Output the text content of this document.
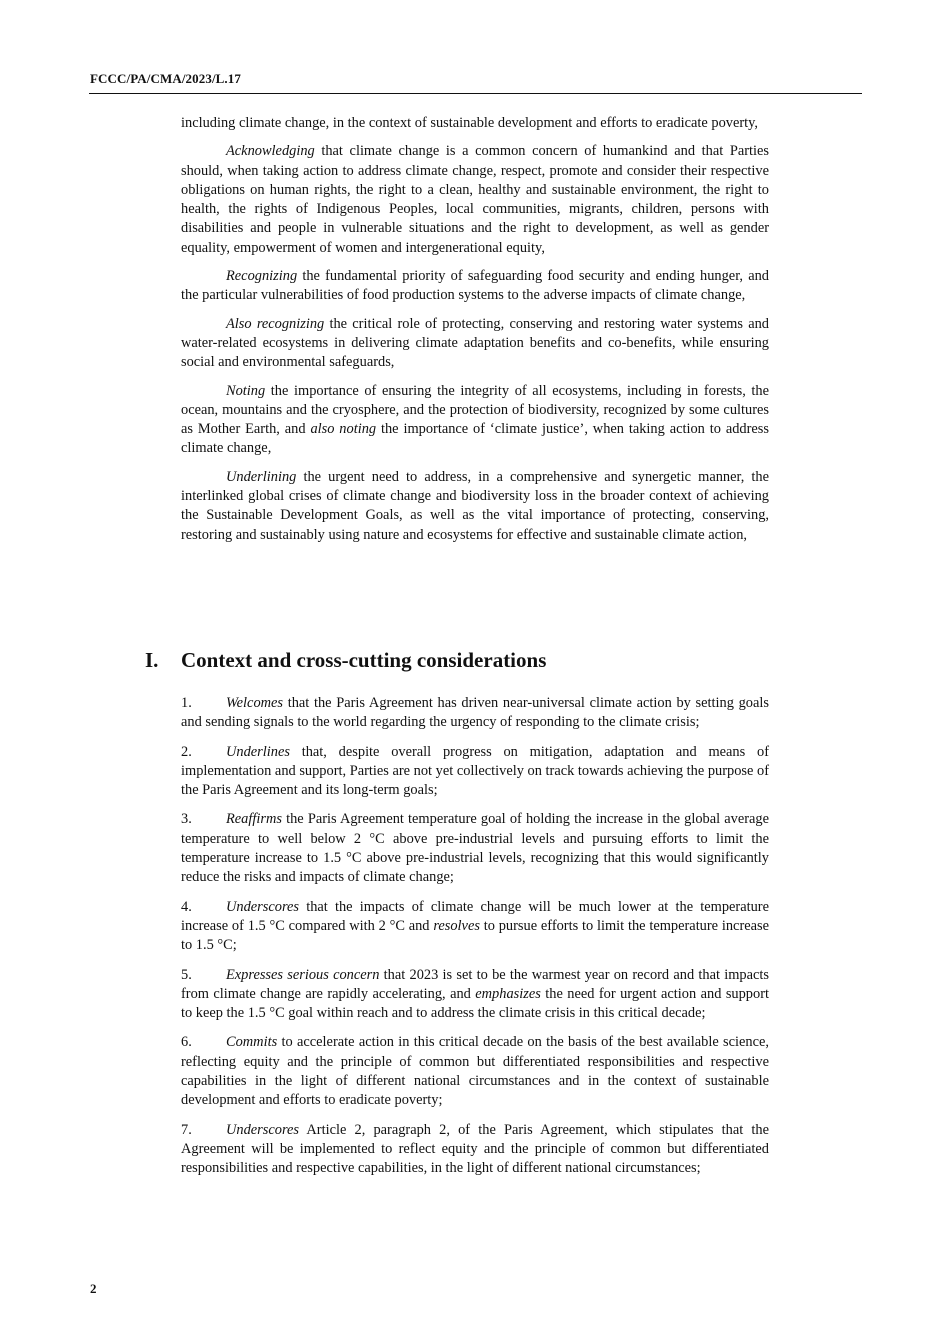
FCCC/PA/CMA/2023/L.17

including climate change, in the context of sustainable development and efforts to eradicate poverty,

Acknowledging that climate change is a common concern of humankind and that Parties should, when taking action to address climate change, respect, promote and consider their respective obligations on human rights, the right to a clean, healthy and sustainable environment, the right to health, the rights of Indigenous Peoples, local communities, migrants, children, persons with disabilities and people in vulnerable situations and the right to development, as well as gender equality, empowerment of women and intergenerational equity,

Recognizing the fundamental priority of safeguarding food security and ending hunger, and the particular vulnerabilities of food production systems to the adverse impacts of climate change,

Also recognizing the critical role of protecting, conserving and restoring water systems and water-related ecosystems in delivering climate adaptation benefits and co-benefits, while ensuring social and environmental safeguards,

Noting the importance of ensuring the integrity of all ecosystems, including in forests, the ocean, mountains and the cryosphere, and the protection of biodiversity, recognized by some cultures as Mother Earth, and also noting the importance of ‘climate justice’, when taking action to address climate change,

Underlining the urgent need to address, in a comprehensive and synergetic manner, the interlinked global crises of climate change and biodiversity loss in the broader context of achieving the Sustainable Development Goals, as well as the vital importance of protecting, conserving, restoring and sustainably using nature and ecosystems for effective and sustainable climate action,

I. Context and cross-cutting considerations

1. Welcomes that the Paris Agreement has driven near-universal climate action by setting goals and sending signals to the world regarding the urgency of responding to the climate crisis;

2. Underlines that, despite overall progress on mitigation, adaptation and means of implementation and support, Parties are not yet collectively on track towards achieving the purpose of the Paris Agreement and its long-term goals;

3. Reaffirms the Paris Agreement temperature goal of holding the increase in the global average temperature to well below 2 °C above pre-industrial levels and pursuing efforts to limit the temperature increase to 1.5 °C above pre-industrial levels, recognizing that this would significantly reduce the risks and impacts of climate change;

4. Underscores that the impacts of climate change will be much lower at the temperature increase of 1.5 °C compared with 2 °C and resolves to pursue efforts to limit the temperature increase to 1.5 °C;

5. Expresses serious concern that 2023 is set to be the warmest year on record and that impacts from climate change are rapidly accelerating, and emphasizes the need for urgent action and support to keep the 1.5 °C goal within reach and to address the climate crisis in this critical decade;

6. Commits to accelerate action in this critical decade on the basis of the best available science, reflecting equity and the principle of common but differentiated responsibilities and respective capabilities in the light of different national circumstances and in the context of sustainable development and efforts to eradicate poverty;

7. Underscores Article 2, paragraph 2, of the Paris Agreement, which stipulates that the Agreement will be implemented to reflect equity and the principle of common but differentiated responsibilities and respective capabilities, in the light of different national circumstances;

2
